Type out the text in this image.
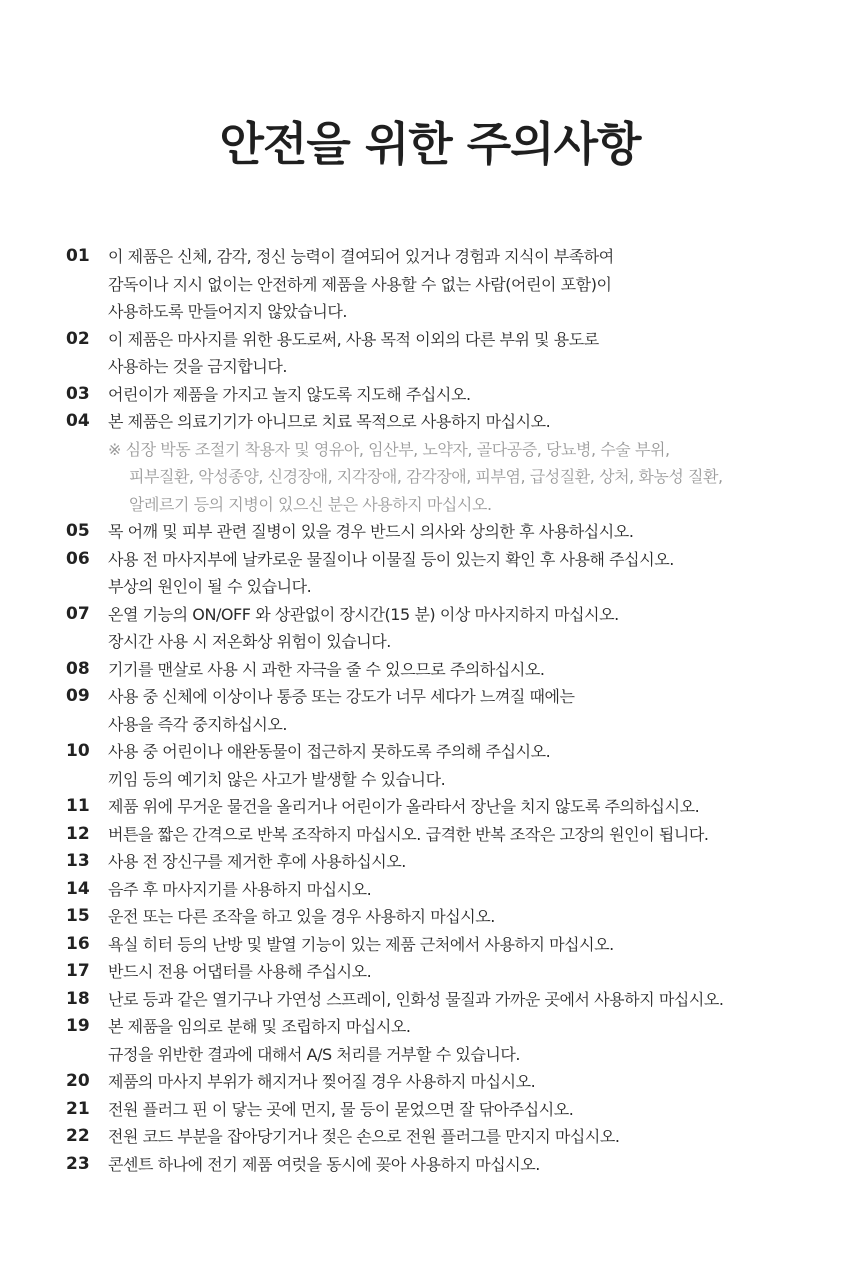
안전을 위한 주의사항
01	이 제품은 신체, 감각, 정신 능력이 결여되어 있거나 경험과 지식이 부족하여
감독이나 지시 없이는 안전하게 제품을 사용할 수 없는 사람(어린이 포함)이
사용하도록 만들어지지 않았습니다.
02	이 제품은 마사지를 위한 용도로써, 사용 목적 이외의 다른 부위 및 용도로
사용하는 것을 금지합니다.
03	어린이가 제품을 가지고 놀지 않도록 지도해 주십시오.
04	본 제품은 의료기기가 아니므로 치료 목적으로 사용하지 마십시오.
※ 심장 박동 조절기 착용자 및 영유아, 임산부, 노약자, 골다공증, 당뇨병, 수술 부위,
피부질환, 악성종양, 신경장애, 지각장애, 감각장애, 피부염, 급성질환, 상처, 화농성 질환,
알레르기 등의 지병이 있으신 분은 사용하지 마십시오.
05	목 어깨 및 피부 관련 질병이 있을 경우 반드시 의사와 상의한 후 사용하십시오.
06	사용 전 마사지부에 날카로운 물질이나 이물질 등이 있는지 확인 후 사용해 주십시오.
부상의 원인이 될 수 있습니다.
07	온열 기능의 ON/OFF 와 상관없이 장시간(15 분) 이상 마사지하지 마십시오.
장시간 사용 시 저온화상 위험이 있습니다.
08	기기를 맨살로 사용 시 과한 자극을 줄 수 있으므로 주의하십시오.
09	사용 중 신체에 이상이나 통증 또는 강도가 너무 세다가 느껴질 때에는
사용을 즉각 중지하십시오.
10	사용 중 어린이나 애완동물이 접근하지 못하도록 주의해 주십시오.
끼임 등의 예기치 않은 사고가 발생할 수 있습니다.
11	제품 위에 무거운 물건을 올리거나 어린이가 올라타서 장난을 치지 않도록 주의하십시오.
12	버튼을 짧은 간격으로 반복 조작하지 마십시오. 급격한 반복 조작은 고장의 원인이 됩니다.
13	사용 전 장신구를 제거한 후에 사용하십시오.
14	음주 후 마사지기를 사용하지 마십시오.
15	운전 또는 다른 조작을 하고 있을 경우 사용하지 마십시오.
16	욕실 히터 등의 난방 및 발열 기능이 있는 제품 근처에서 사용하지 마십시오.
17	반드시 전용 어댑터를 사용해 주십시오.
18	난로 등과 같은 열기구나 가연성 스프레이, 인화성 물질과 가까운 곳에서 사용하지 마십시오.
19	본 제품을 임의로 분해 및 조립하지 마십시오.
규정을 위반한 결과에 대해서 A/S 처리를 거부할 수 있습니다.
20	제품의 마사지 부위가 해지거나 찢어질 경우 사용하지 마십시오.
21	전원 플러그 핀 이 닿는 곳에 먼지, 물 등이 묻었으면 잘 닦아주십시오.
22	전원 코드 부분을 잡아당기거나 젖은 손으로 전원 플러그를 만지지 마십시오.
23	콘센트 하나에 전기 제품 여럿을 동시에 꽂아 사용하지 마십시오.
